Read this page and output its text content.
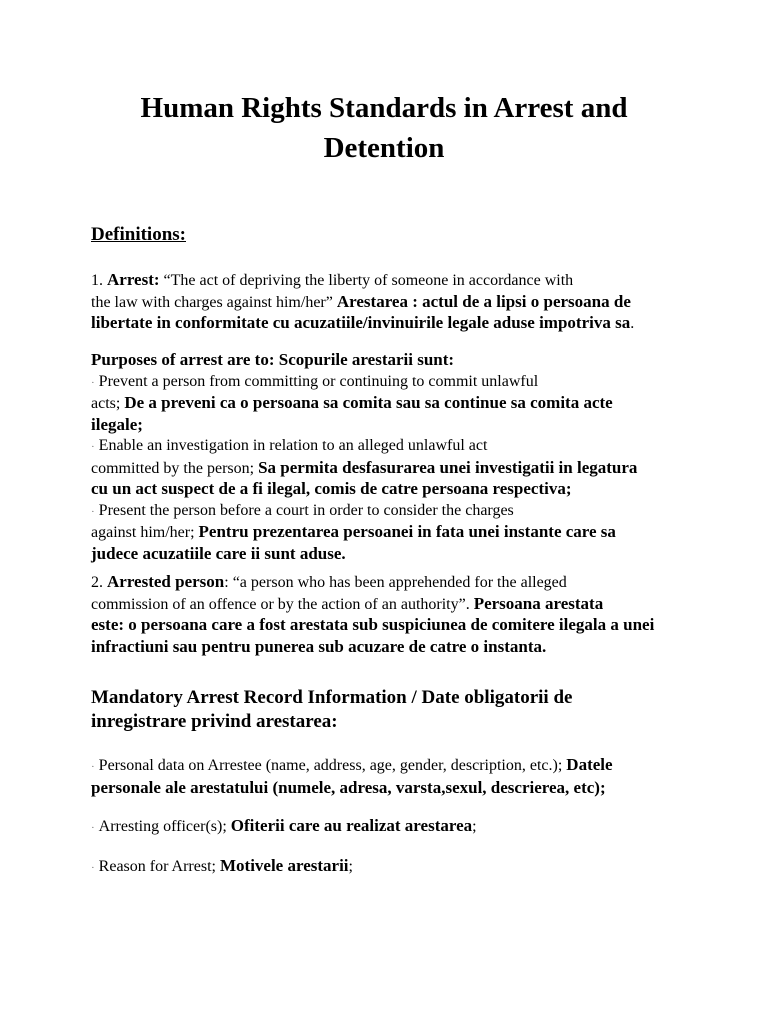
Human Rights Standards in Arrest and
Detention
Definitions:
1. Arrest: “The act of depriving the liberty of someone in accordance with
the law with charges against him/her” Arestarea : actul de a lipsi o persoana de
libertate in conformitate cu acuzatiile/invinuirile legale aduse impotriva sa.
Purposes of arrest are to: Scopurile arestarii sunt:
· Prevent a person from committing or continuing to commit unlawful
acts; De a preveni ca o persoana sa comita sau sa continue sa comita acte
ilegale;
· Enable an investigation in relation to an alleged unlawful act
committed by the person; Sa permita desfasurarea unei investigatii in legatura
cu un act suspect de a fi ilegal, comis de catre persoana respectiva;
· Present the person before a court in order to consider the charges
against him/her; Pentru prezentarea persoanei in fata unei instante care sa
judece acuzatiile care ii sunt aduse.
2. Arrested person: “a person who has been apprehended for the alleged
commission of an offence or by the action of an authority”. Persoana arestata
este: o persoana care a fost arestata sub suspiciunea de comitere ilegala a unei
infractiuni sau pentru punerea sub acuzare de catre o instanta.
Mandatory Arrest Record Information / Date obligatorii de
inregistrare privind arestarea:
· Personal data on Arrestee (name, address, age, gender, description, etc.); Datele
personale ale arestatului (numele, adresa, varsta,sexul, descrierea, etc);
· Arresting officer(s); Ofiterii care au realizat arestarea;
· Reason for Arrest; Motivele arestarii;
